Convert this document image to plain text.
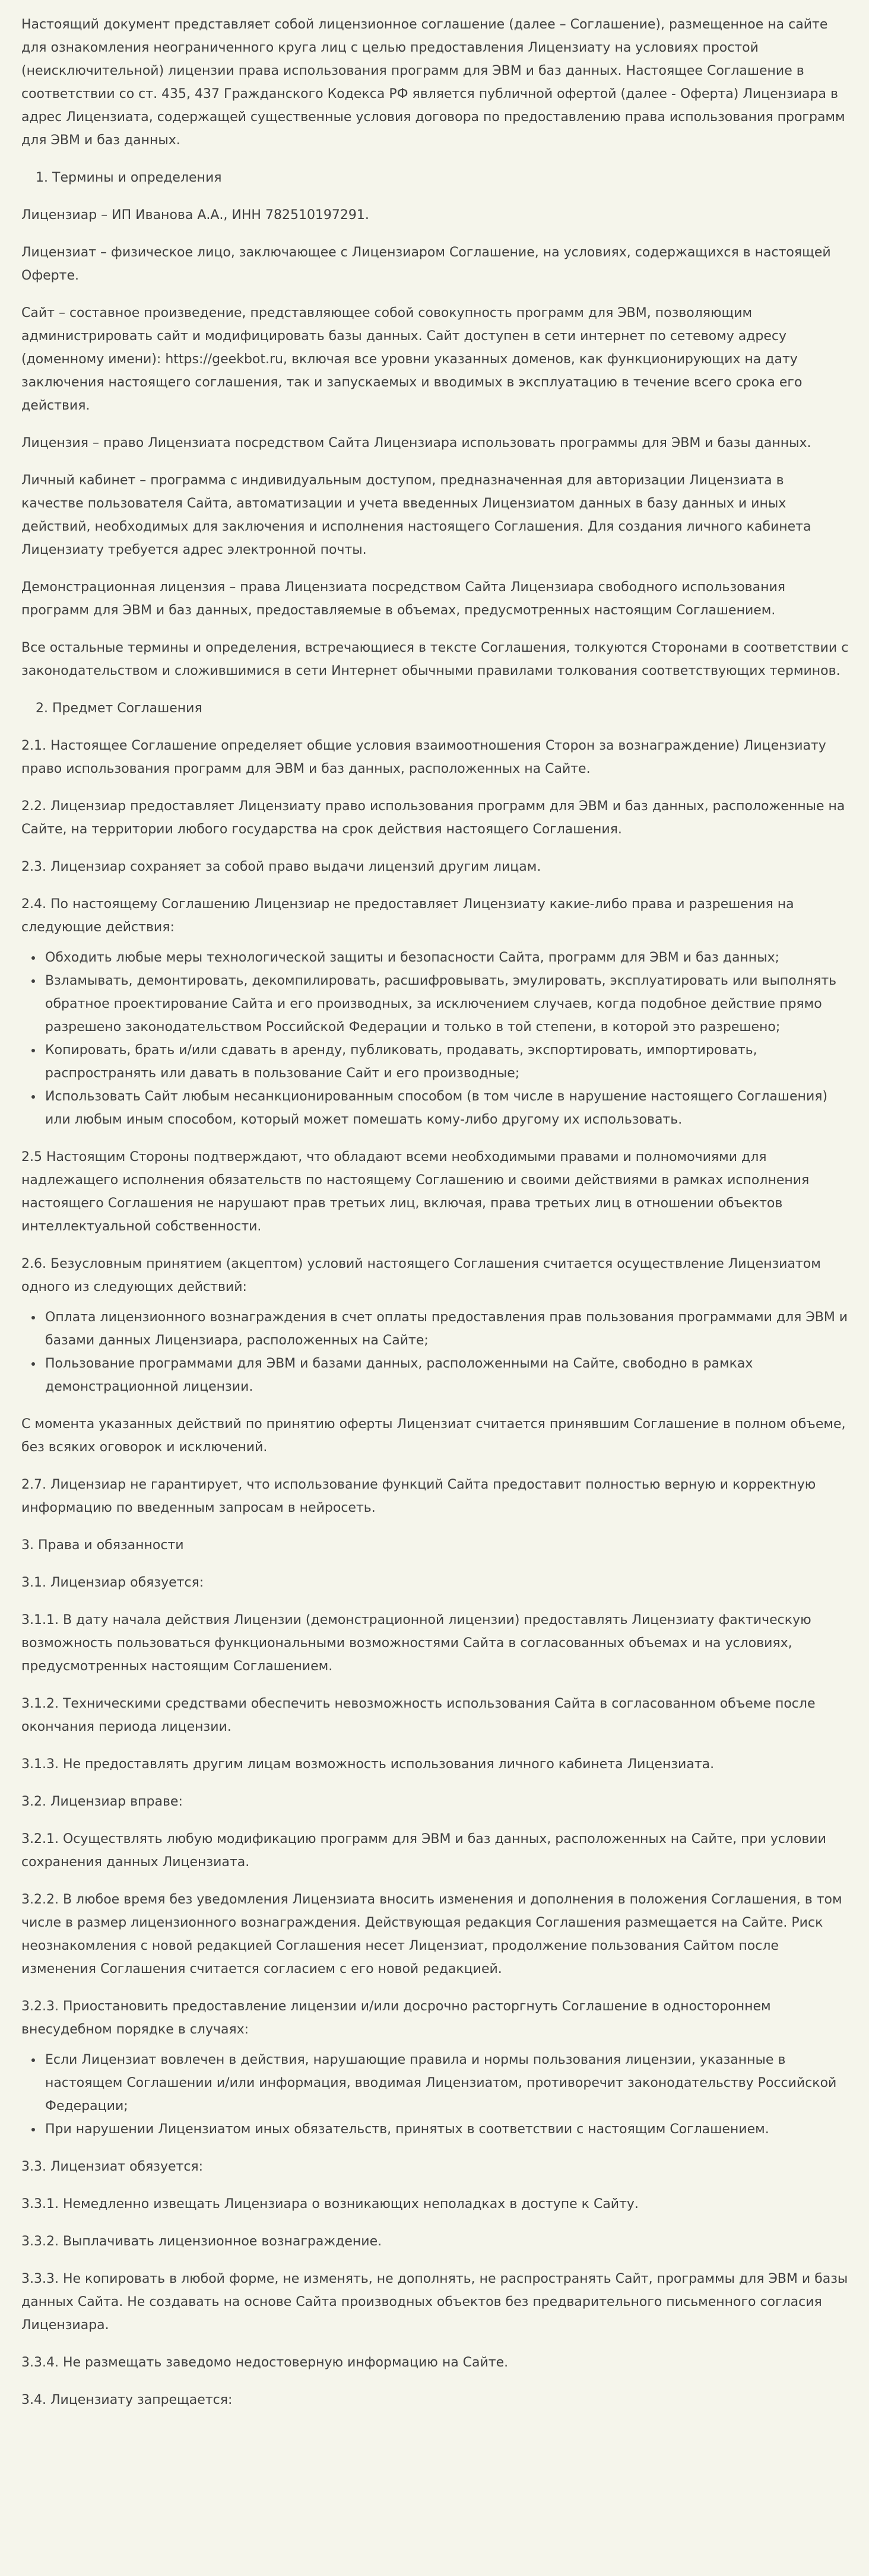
Настоящий документ представляет собой лицензионное соглашение (далее – Соглашение), размещенное на сайте для ознакомления неограниченного круга лиц с целью предоставления Лицензиату на условиях простой (неисключительной) лицензии права использования программ для ЭВМ и баз данных. Настоящее Соглашение в соответствии со ст. 435, 437 Гражданского Кодекса РФ является публичной офертой (далее - Оферта) Лицензиара в адрес Лицензиата, содержащей существенные условия договора по предоставлению права использования программ для ЭВМ и баз данных.

1. Термины и определения

Лицензиар – ИП Иванова А.А., ИНН 782510197291.

Лицензиат – физическое лицо, заключающее с Лицензиаром Соглашение, на условиях, содержащихся в настоящей Оферте.

Сайт – составное произведение, представляющее собой совокупность программ для ЭВМ, позволяющим администрировать сайт и модифицировать базы данных. Сайт доступен в сети интернет по сетевому адресу (доменному имени): https://geekbot.ru, включая все уровни указанных доменов, как функционирующих на дату заключения настоящего соглашения, так и запускаемых и вводимых в эксплуатацию в течение всего срока его действия.

Лицензия – право Лицензиата посредством Сайта Лицензиара использовать программы для ЭВМ и базы данных.

Личный кабинет – программа с индивидуальным доступом, предназначенная для авторизации Лицензиата в качестве пользователя Сайта, автоматизации и учета введенных Лицензиатом данных в базу данных и иных действий, необходимых для заключения и исполнения настоящего Соглашения. Для создания личного кабинета Лицензиату требуется адрес электронной почты.

Демонстрационная лицензия – права Лицензиата посредством Сайта Лицензиара свободного использования программ для ЭВМ и баз данных, предоставляемые в объемах, предусмотренных настоящим Соглашением.

Все остальные термины и определения, встречающиеся в тексте Соглашения, толкуются Сторонами в соответствии с законодательством и сложившимися в сети Интернет обычными правилами толкования соответствующих терминов.

2. Предмет Соглашения

2.1. Настоящее Соглашение определяет общие условия взаимоотношения Сторон за вознаграждение) Лицензиату право использования программ для ЭВМ и баз данных, расположенных на Сайте.

2.2. Лицензиар предоставляет Лицензиату право использования программ для ЭВМ и баз данных, расположенные на Сайте, на территории любого государства на срок действия настоящего Соглашения.

2.3. Лицензиар сохраняет за собой право выдачи лицензий другим лицам.

2.4. По настоящему Соглашению Лицензиар не предоставляет Лицензиату какие-либо права и разрешения на следующие действия:

• Обходить любые меры технологической защиты и безопасности Сайта, программ для ЭВМ и баз данных;
• Взламывать, демонтировать, декомпилировать, расшифровывать, эмулировать, эксплуатировать или выполнять обратное проектирование Сайта и его производных, за исключением случаев, когда подобное действие прямо разрешено законодательством Российской Федерации и только в той степени, в которой это разрешено;
• Копировать, брать и/или сдавать в аренду, публиковать, продавать, экспортировать, импортировать, распространять или давать в пользование Сайт и его производные;
• Использовать Сайт любым несанкционированным способом (в том числе в нарушение настоящего Соглашения) или любым иным способом, который может помешать кому-либо другому их использовать.

2.5 Настоящим Стороны подтверждают, что обладают всеми необходимыми правами и полномочиями для надлежащего исполнения обязательств по настоящему Соглашению и своими действиями в рамках исполнения настоящего Соглашения не нарушают прав третьих лиц, включая, права третьих лиц в отношении объектов интеллектуальной собственности.

2.6. Безусловным принятием (акцептом) условий настоящего Соглашения считается осуществление Лицензиатом одного из следующих действий:

• Оплата лицензионного вознаграждения в счет оплаты предоставления прав пользования программами для ЭВМ и базами данных Лицензиара, расположенных на Сайте;
• Пользование программами для ЭВМ и базами данных, расположенными на Сайте, свободно в рамках демонстрационной лицензии.

С момента указанных действий по принятию оферты Лицензиат считается принявшим Соглашение в полном объеме, без всяких оговорок и исключений.

2.7. Лицензиар не гарантирует, что использование функций Сайта предоставит полностью верную и корректную информацию по введенным запросам в нейросеть.

3. Права и обязанности

3.1. Лицензиар обязуется:

3.1.1. В дату начала действия Лицензии (демонстрационной лицензии) предоставлять Лицензиату фактическую возможность пользоваться функциональными возможностями Сайта в согласованных объемах и на условиях, предусмотренных настоящим Соглашением.

3.1.2. Техническими средствами обеспечить невозможность использования Сайта в согласованном объеме после окончания периода лицензии.

3.1.3. Не предоставлять другим лицам возможность использования личного кабинета Лицензиата.

3.2. Лицензиар вправе:

3.2.1. Осуществлять любую модификацию программ для ЭВМ и баз данных, расположенных на Сайте, при условии сохранения данных Лицензиата.

3.2.2. В любое время без уведомления Лицензиата вносить изменения и дополнения в положения Соглашения, в том числе в размер лицензионного вознаграждения. Действующая редакция Соглашения размещается на Сайте. Риск неознакомления с новой редакцией Соглашения несет Лицензиат, продолжение пользования Сайтом после изменения Соглашения считается согласием с его новой редакцией.

3.2.3. Приостановить предоставление лицензии и/или досрочно расторгнуть Соглашение в одностороннем внесудебном порядке в случаях:

• Если Лицензиат вовлечен в действия, нарушающие правила и нормы пользования лицензии, указанные в настоящем Соглашении и/или информация, вводимая Лицензиатом, противоречит законодательству Российской Федерации;
• При нарушении Лицензиатом иных обязательств, принятых в соответствии с настоящим Соглашением.

3.3. Лицензиат обязуется:

3.3.1. Немедленно извещать Лицензиара о возникающих неполадках в доступе к Сайту.

3.3.2. Выплачивать лицензионное вознаграждение.

3.3.3. Не копировать в любой форме, не изменять, не дополнять, не распространять Сайт, программы для ЭВМ и базы данных Сайта. Не создавать на основе Сайта производных объектов без предварительного письменного согласия Лицензиара.

3.3.4. Не размещать заведомо недостоверную информацию на Сайте.

3.4. Лицензиату запрещается:
